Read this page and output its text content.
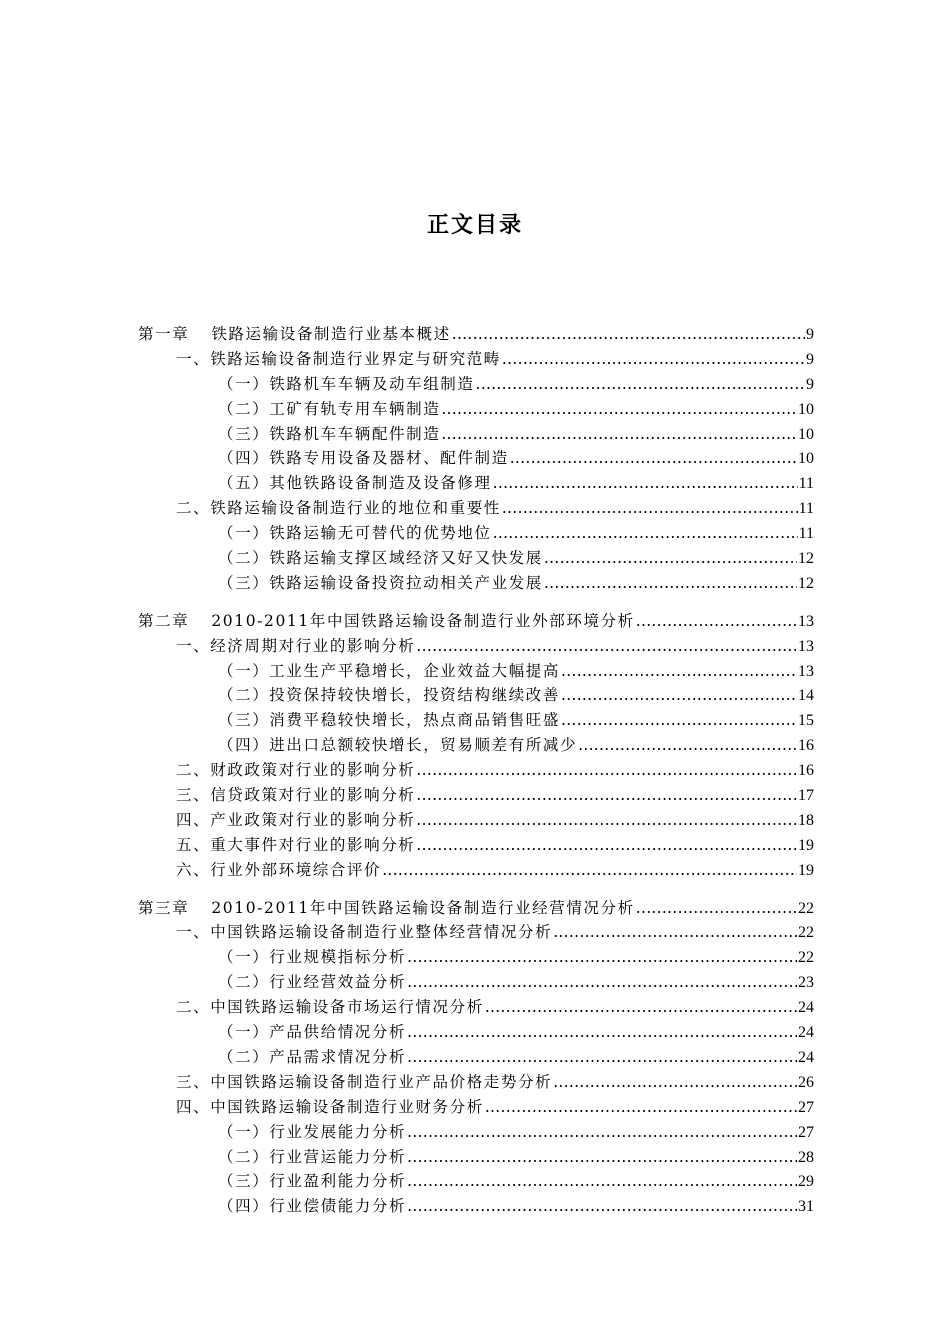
正文目录
第一章 铁路运输设备制造行业基本概述 .....	9
一、铁路运输设备制造行业界定与研究范畴 .....	9
（一）铁路机车车辆及动车组制造 .....	9
（二）工矿有轨专用车辆制造 .....	10
（三）铁路机车车辆配件制造 .....	10
（四）铁路专用设备及器材、配件制造 .....	10
（五）其他铁路设备制造及设备修理 .....	11
二、铁路运输设备制造行业的地位和重要性 .....	11
（一）铁路运输无可替代的优势地位 .....	11
（二）铁路运输支撑区域经济又好又快发展 .....	12
（三）铁路运输设备投资拉动相关产业发展 .....	12
第二章 2010-2011年中国铁路运输设备制造行业外部环境分析 .....	13
一、经济周期对行业的影响分析 .....	13
（一）工业生产平稳增长，企业效益大幅提高 .....	13
（二）投资保持较快增长，投资结构继续改善 .....	14
（三）消费平稳较快增长，热点商品销售旺盛 .....	15
（四）进出口总额较快增长，贸易顺差有所减少 .....	16
二、财政政策对行业的影响分析 .....	16
三、信贷政策对行业的影响分析 .....	17
四、产业政策对行业的影响分析 .....	18
五、重大事件对行业的影响分析 .....	19
六、行业外部环境综合评价 .....	19
第三章 2010-2011年中国铁路运输设备制造行业经营情况分析 .....	22
一、中国铁路运输设备制造行业整体经营情况分析 .....	22
（一）行业规模指标分析 .....	22
（二）行业经营效益分析 .....	23
二、中国铁路运输设备市场运行情况分析 .....	24
（一）产品供给情况分析 .....	24
（二）产品需求情况分析 .....	24
三、中国铁路运输设备制造行业产品价格走势分析 .....	26
四、中国铁路运输设备制造行业财务分析 .....	27
（一）行业发展能力分析 .....	27
（二）行业营运能力分析 .....	28
（三）行业盈利能力分析 .....	29
（四）行业偿债能力分析 .....	31
